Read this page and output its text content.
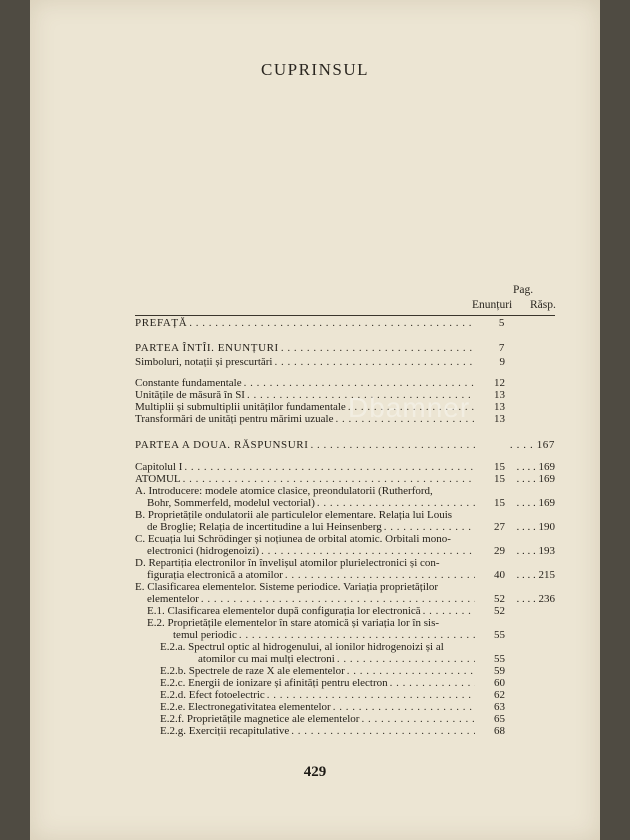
CUPRINSUL
Pag.
Enunțuri Răsp.
PREFAȚĂ . . .	5
PARTEA ÎNTÎI. ENUNȚURI . . .	7
Simboluri, notații și prescurtări . . .	9
Constante fundamentale . . .	12
Unitățile de măsură în SI . . .	13
Multiplii și submultiplii unităților fundamentale . . .	13
Transformări de unități pentru mărimi uzuale . . .	13
PARTEA A DOUA. RĂSPUNSURI . . .	. . . . 167
Capitolul I . . .	15	. . . . 169
ATOMUL . . .	15	. . . . 169
A. Introducere: modele atomice clasice, preondulatorii (Rutherford,
Bohr, Sommerfeld, modelul vectorial) . . .	15	. . . . 169
B. Proprietățile ondulatorii ale particulelor elementare. Relația lui Louis
de Broglie; Relația de incertitudine a lui Heinsenberg . . .	27	. . . . 190
C. Ecuația lui Schrödinger și noțiunea de orbital atomic. Orbitali mono-
electronici (hidrogenoizi) . . .	29	. . . . 193
D. Repartiția electronilor în învelișul atomilor plurielectronici și con-
figurația electronică a atomilor . . .	40	. . . . 215
E. Clasificarea elementelor. Sisteme periodice. Variația proprietăților
elementelor . . .	52	. . . . 236
E.1. Clasificarea elementelor după configurația lor electronică . . .	52
E.2. Proprietățile elementelor în stare atomică și variația lor în sis-
temul periodic . . .	55
E.2.a. Spectrul optic al hidrogenului, al ionilor hidrogenoizi și al
atomilor cu mai mulți electroni . . .	55
E.2.b. Spectrele de raze X ale elementelor . . .	59
E.2.c. Energii de ionizare și afinități pentru electron . . .	60
E.2.d. Efect fotoelectric . . .	62
E.2.e. Electronegativitatea elementelor . . .	63
E.2.f. Proprietățile magnetice ale elementelor . . .	65
E.2.g. Exerciții recapitulative . . .	68
Dbamner
429
